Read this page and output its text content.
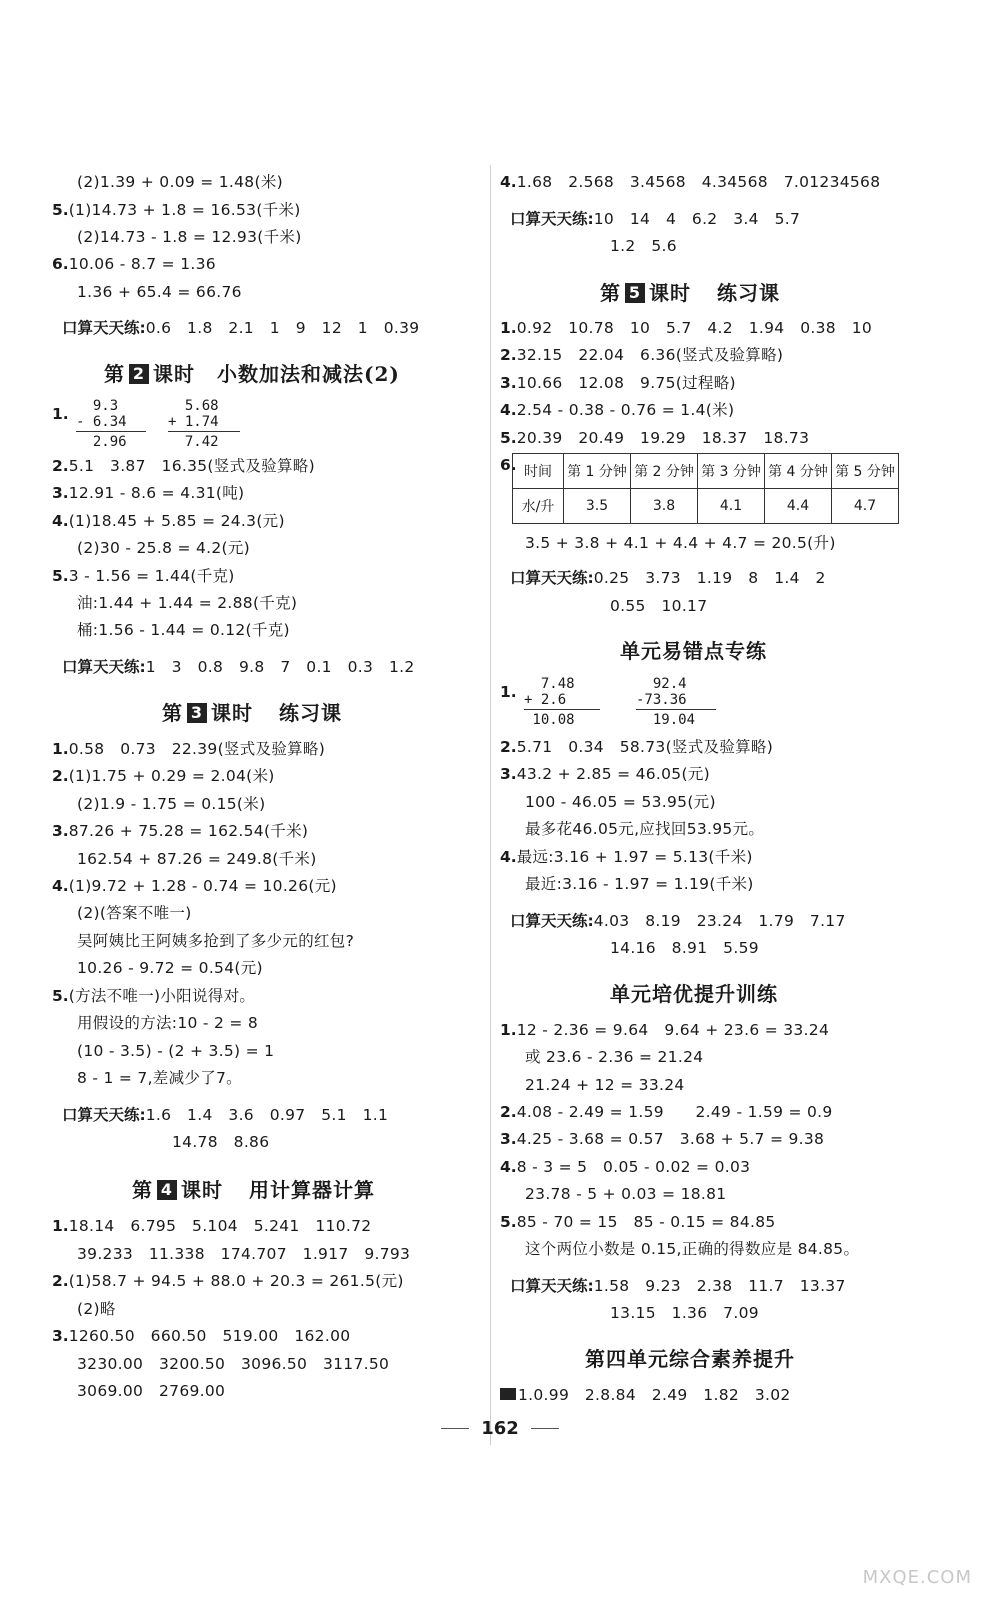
(2)1.39 + 0.09 = 1.48(米)
5.(1)14.73 + 1.8 = 16.53(千米)
(2)14.73 - 1.8 = 12.93(千米)
6.10.06 - 8.7 = 1.36
1.36 + 65.4 = 66.76
口算天天练:0.6　1.8　2.1　1　9　12　1　0.39
第 2 课时 小数加法和减法(2)
1. 9.3
- 6.34
2.96
5.68
+ 1.74
7.42
2.5.1　3.87　16.35(竖式及验算略)
3.12.91 - 8.6 = 4.31(吨)
4.(1)18.45 + 5.85 = 24.3(元)
(2)30 - 25.8 = 4.2(元)
5.3 - 1.56 = 1.44(千克)
油:1.44 + 1.44 = 2.88(千克)
桶:1.56 - 1.44 = 0.12(千克)
口算天天练:1　3　0.8　9.8　7　0.1　0.3　1.2
第 3 课时 练习课
1.0.58　0.73　22.39(竖式及验算略)
2.(1)1.75 + 0.29 = 2.04(米)
(2)1.9 - 1.75 = 0.15(米)
3.87.26 + 75.28 = 162.54(千米)
162.54 + 87.26 = 249.8(千米)
4.(1)9.72 + 1.28 - 0.74 = 10.26(元)
(2)(答案不唯一)
吴阿姨比王阿姨多抢到了多少元的红包?
10.26 - 9.72 = 0.54(元)
5.(方法不唯一)小阳说得对。
用假设的方法:10 - 2 = 8
(10 - 3.5) - (2 + 3.5) = 1
8 - 1 = 7,差减少了7。
口算天天练:1.6　1.4　3.6　0.97　5.1　1.1
14.78　8.86
第 4 课时 用计算器计算
1.18.14　6.795　5.104　5.241　110.72
39.233　11.338　174.707　1.917　9.793
2.(1)58.7 + 94.5 + 88.0 + 20.3 = 261.5(元)
(2)略
3.1260.50　660.50　519.00　162.00
3230.00　3200.50　3096.50　3117.50
3069.00　2769.00
4.1.68　2.568　3.4568　4.34568　7.01234568
口算天天练:10　14　4　6.2　3.4　5.7
1.2　5.6
第 5 课时 练习课
1.0.92　10.78　10　5.7　4.2　1.94　0.38　10
2.32.15　22.04　6.36(竖式及验算略)
3.10.66　12.08　9.75(过程略)
4.2.54 - 0.38 - 0.76 = 1.4(米)
5.20.39　20.49　19.29　18.37　18.73
6. 时间	第 1 分钟	第 2 分钟	第 3 分钟	第 4 分钟	第 5 分钟
水/升	3.5	3.8	4.1	4.4	4.7
3.5 + 3.8 + 4.1 + 4.4 + 4.7 = 20.5(升)
口算天天练:0.25　3.73　1.19　8　1.4　2
0.55　10.17
单元易错点专练
1. 7.48
+ 2.6
10.08
92.4
-73.36
19.04
2.5.71　0.34　58.73(竖式及验算略)
3.43.2 + 2.85 = 46.05(元)
100 - 46.05 = 53.95(元)
最多花46.05元,应找回53.95元。
4.最远:3.16 + 1.97 = 5.13(千米)
最近:3.16 - 1.97 = 1.19(千米)
口算天天练:4.03　8.19　23.24　1.79　7.17
14.16　8.91　5.59
单元培优提升训练
1.12 - 2.36 = 9.64　9.64 + 23.6 = 33.24
或 23.6 - 2.36 = 21.24
21.24 + 12 = 33.24
2.4.08 - 2.49 = 1.59　　2.49 - 1.59 = 0.9
3.4.25 - 3.68 = 0.57　3.68 + 5.7 = 9.38
4.8 - 3 = 5　0.05 - 0.02 = 0.03
23.78 - 5 + 0.03 = 18.81
5.85 - 70 = 15　85 - 0.15 = 84.85
这个两位小数是 0.15,正确的得数应是 84.85。
口算天天练:1.58　9.23　2.38　11.7　13.37
13.15　1.36　7.09
第四单元综合素养提升
1.0.99　2.8.84　2.49　1.82　3.02
162
MXQE.COM
